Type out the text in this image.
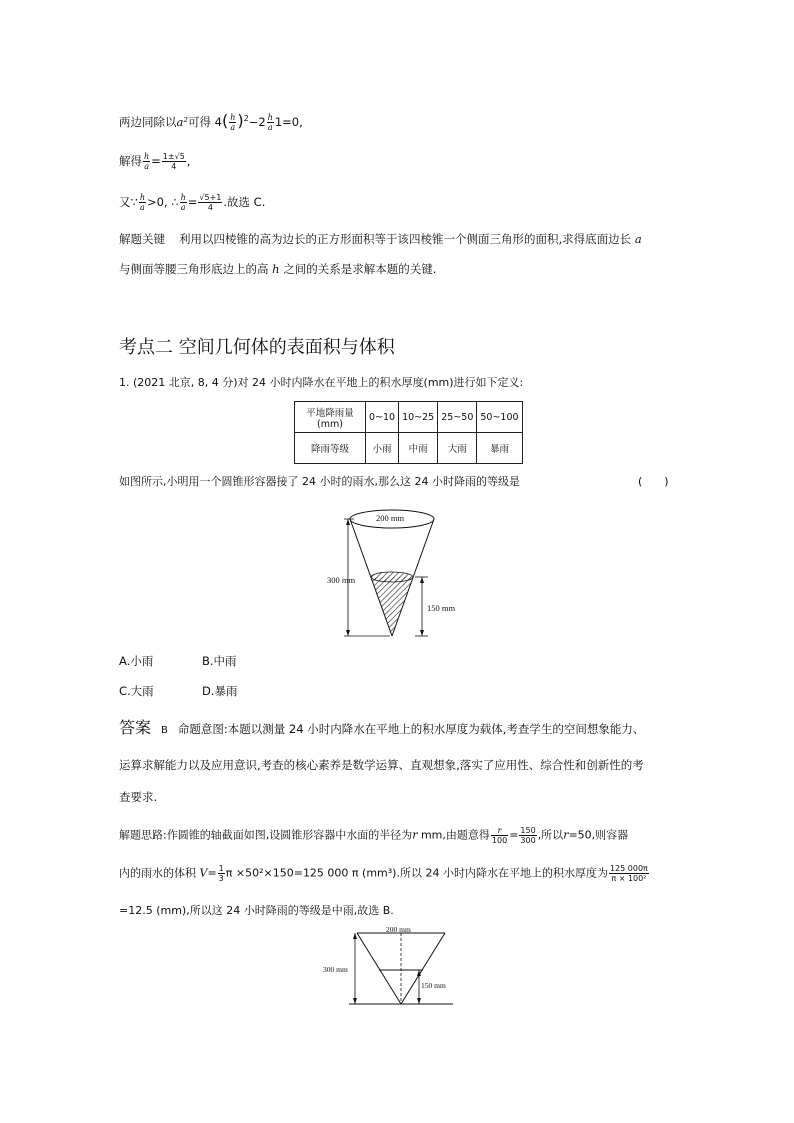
两边同除以a²可得 $4( \frac{h}{a} )^2-2 \frac{h}{a} 1=0$,
解得 $\frac{h}{a} = \frac{1\pm√5}{4}$ ,
又∵ $\frac{h}{a} >0$, ∴ $\frac{h}{a} = \frac{√5+1}{4}$ .故选 C.
解题关键 利用以四棱锥的高为边长的正方形面积等于该四棱锥一个侧面三角形的面积,求得底面边长 a
与侧面等腰三角形底边上的高 h 之间的关系是求解本题的关键.
考点二 空间几何体的表面积与体积
1. (2021 北京, 8, 4 分)对 24 小时内降水在平地上的积水厚度(mm)进行如下定义:
平地降雨量(mm)	0~10	10~25	25~50	50~100
降雨等级	小雨	中雨	大雨	暴雨
如图所示,小明用一个圆锥形容器接了 24 小时的雨水,那么这 24 小时降雨的等级是	(　　)
200 mm
300 mm
150 mm
A.小雨	B.中雨
C.大雨	D.暴雨
答案 B 命题意图:本题以测量 24 小时内降水在平地上的积水厚度为载体,考查学生的空间想象能力、
运算求解能力以及应用意识,考查的核心素养是数学运算、直观想象,落实了应用性、综合性和创新性的考
查要求.
解题思路:作圆锥的轴截面如图,设圆锥形容器中水面的半径为r mm,由题意得 $\frac{r}{100} = \frac{150}{300}$ ,所以r=50,则容器
内的雨水的体积 $V= \frac{1}{3}$ π ×50²×150=125 000 π (mm³).所以 24 小时内降水在平地上的积水厚度为 $\frac{125 000\pi}{\text{π × 100²}}$
=12.5 (mm),所以这 24 小时降雨的等级是中雨,故选 B.
200 mm
300 mm
150 mm
